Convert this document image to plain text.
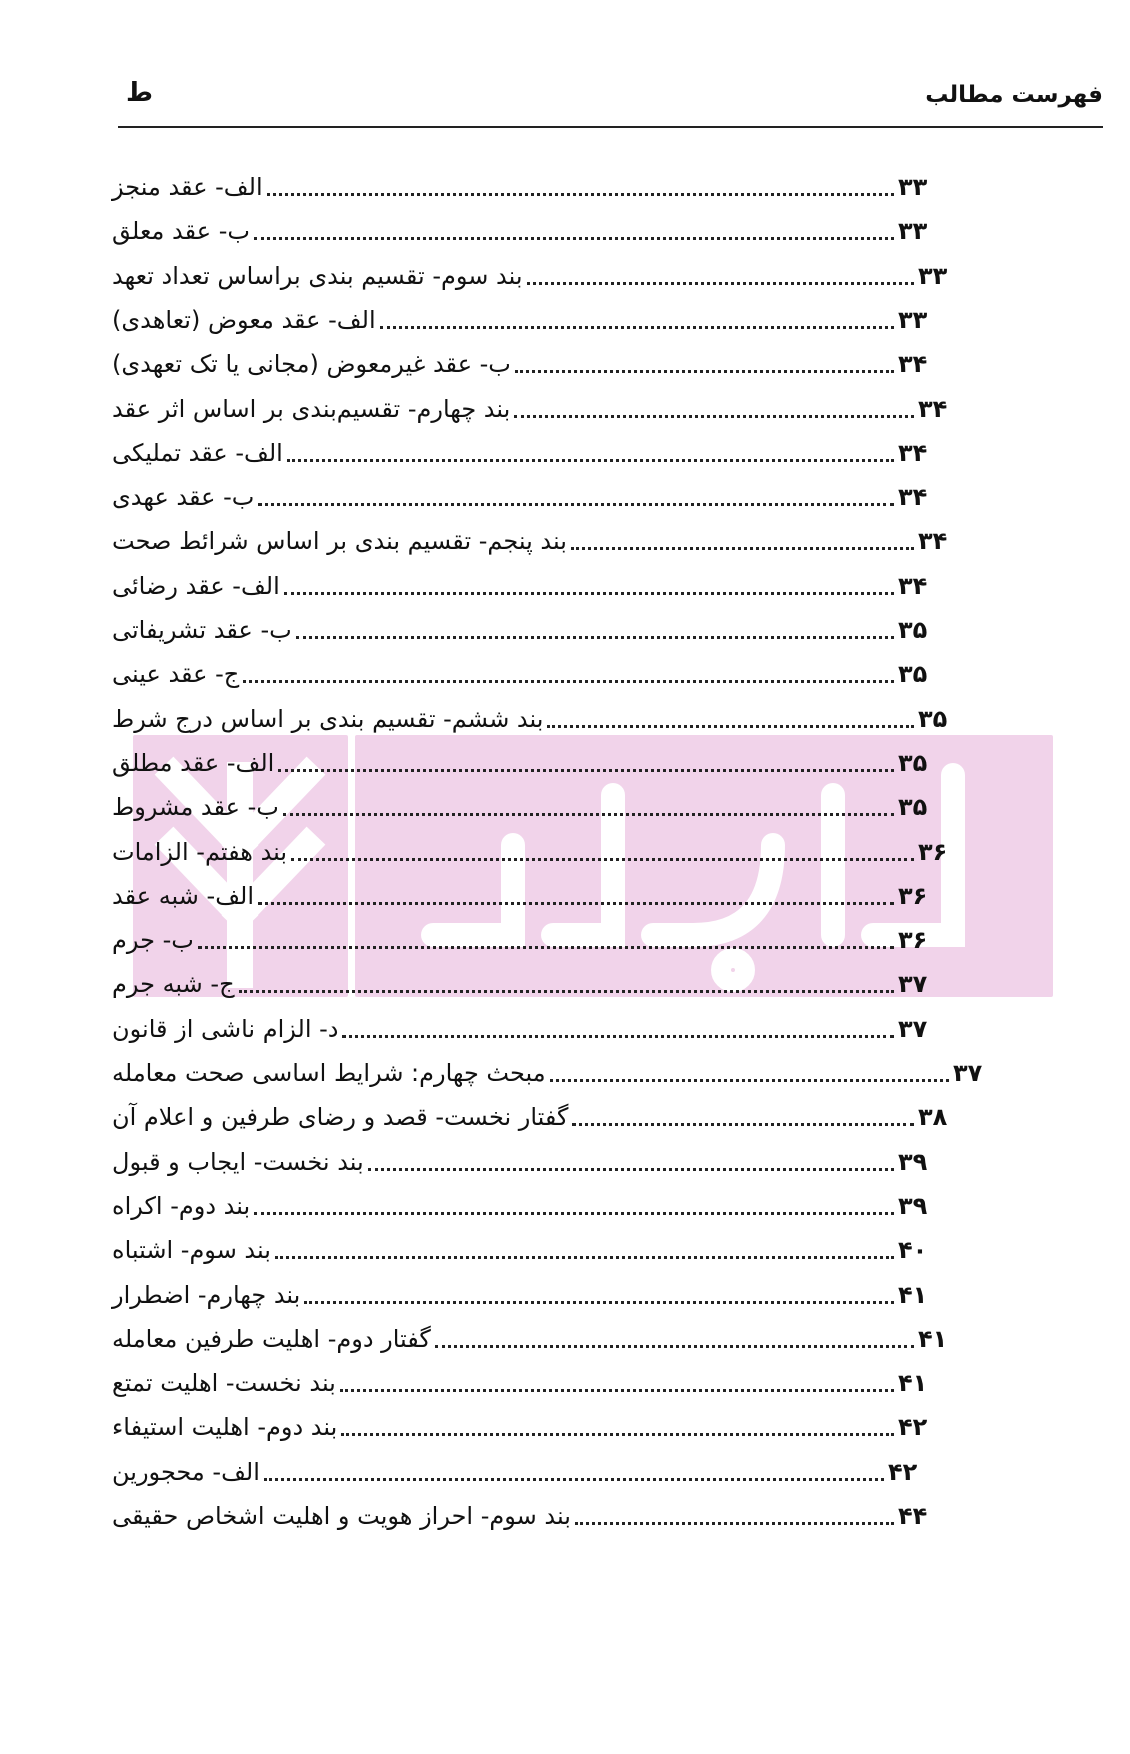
فهرست مطالب
ط
الف- عقد منجز	۳۳
ب- عقد معلق	۳۳
بند سوم- تقسیم بندی براساس تعداد تعهد	۳۳
الف- عقد معوض (تعاهدی)	۳۳
ب- عقد غیرمعوض (مجانی یا تک تعهدی)	۳۴
بند چهارم- تقسیم‌بندی بر اساس اثر عقد	۳۴
الف- عقد تملیکی	۳۴
ب- عقد عهدی	۳۴
بند پنجم- تقسیم بندی بر اساس شرائط صحت	۳۴
الف- عقد رضائی	۳۴
ب- عقد تشریفاتی	۳۵
ج- عقد عینی	۳۵
بند ششم- تقسیم بندی بر اساس درج شرط	۳۵
الف- عقد مطلق	۳۵
ب- عقد مشروط	۳۵
بند هفتم- الزامات	۳۶
الف- شبه عقد	۳۶
ب- جرم	۳۶
ج- شبه جرم	۳۷
د- الزام ناشی از قانون	۳۷
مبحث چهارم: شرایط اساسی صحت معامله	۳۷
گفتار نخست- قصد و رضای طرفین و اعلام آن	۳۸
بند نخست- ایجاب و قبول	۳۹
بند دوم- اکراه	۳۹
بند سوم- اشتباه	۴۰
بند چهارم- اضطرار	۴۱
گفتار دوم- اهلیت طرفین معامله	۴۱
بند نخست- اهلیت تمتع	۴۱
بند دوم- اهلیت استیفاء	۴۲
الف- محجورین	۴۲
بند سوم- احراز هویت و اهلیت اشخاص حقیقی	۴۴
